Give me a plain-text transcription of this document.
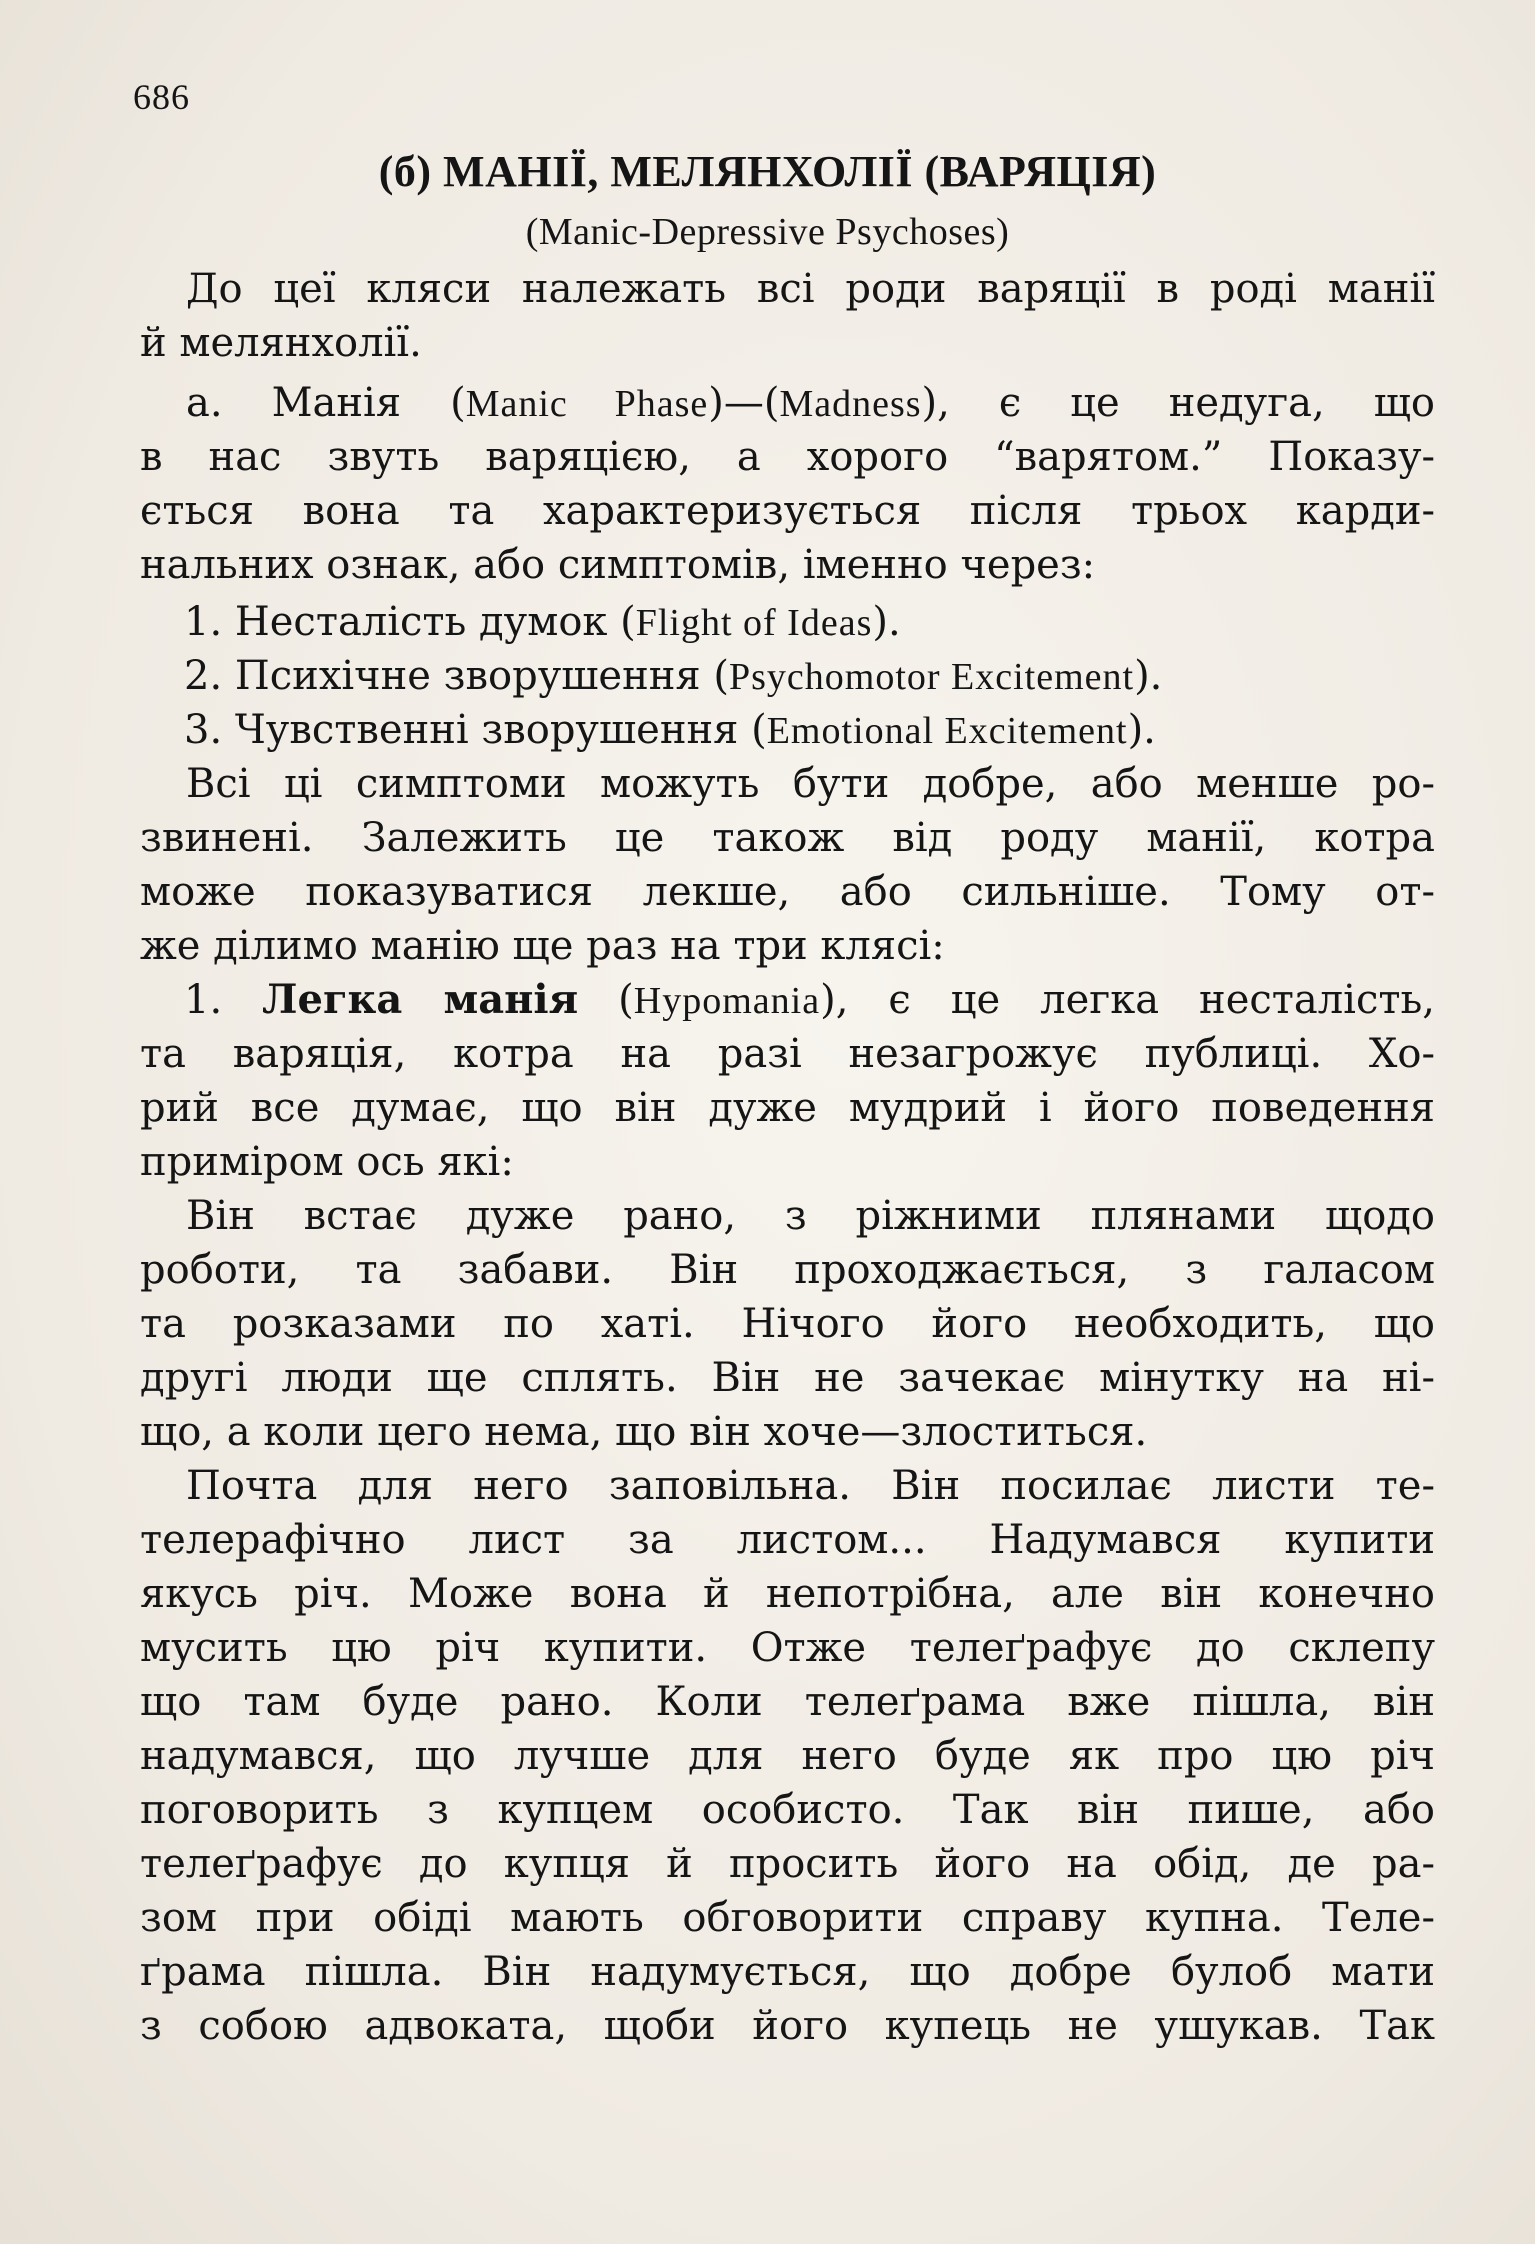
686
(б) МАНІЇ, МЕЛЯНХОЛІЇ (ВАРЯЦІЯ)
(Manic-Depressive Psychoses)
До цеї кляси належать всі роди варяції в роді манії
й мелянхолії.
а. Манія (Manic Phase)—(Madness), є це недуга, що
в нас звуть варяцією, а хорого “варятом.” Показу-
ється вона та характеризується після трьох карди-
нальних ознак, або симптомів, іменно через:
1. Несталість думок (Flight of Ideas).
2. Психічне зворушення (Psychomotor Excitement).
3. Чувственні зворушення (Emotional Excitement).
Всі ці симптоми можуть бути добре, або менше ро-
звинені. Залежить це також від роду манії, котра
може показуватися лекше, або сильніше. Тому от-
же ділимо манію ще раз на три клясі:
1. Легка манія (Hypomania), є це легка несталість,
та варяція, котра на разі незагрожує публиці. Хо-
рий все думає, що він дуже мудрий і його поведення
приміром ось які:
Він встає дуже рано, з ріжними плянами щодо
роботи, та забави. Він проходжається, з галасом
та розказами по хаті. Нічого його необходить, що
другі люди ще сплять. Він не зачекає мінутку на ні-
що, а коли цего нема, що він хоче—злоститься.
Почта для него заповільна. Він посилає листи те-
телерафічно лист за листом... Надумався купити
якусь річ. Може вона й непотрібна, але він конечно
мусить цю річ купити. Отже телеґрафує до склепу
що там буде рано. Коли телеґрама вже пішла, він
надумався, що лучше для него буде як про цю річ
поговорить з купцем особисто. Так він пише, або
телеґрафує до купця й просить його на обід, де ра-
зом при обіді мають обговорити справу купна. Теле-
ґрама пішла. Він надумується, що добре булоб мати
з собою адвоката, щоби його купець не ушукав. Так
